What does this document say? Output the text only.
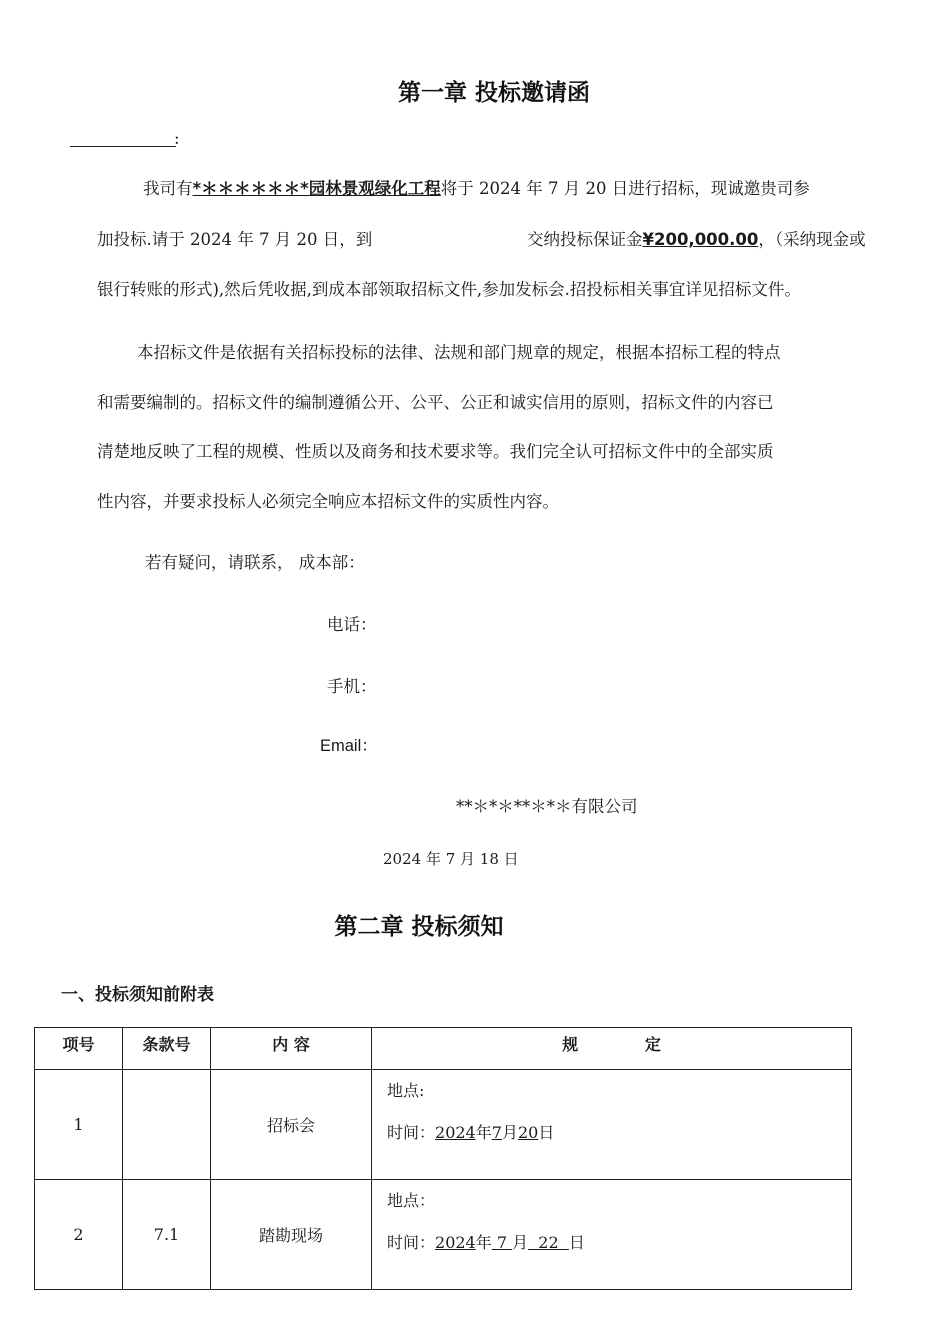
第一章 投标邀请函
:
我司有*＊＊＊＊＊＊*园林景观绿化工程将于 2024 年 7 月 20 日进行招标，现诚邀贵司参
加投标.请于 2024 年 7 月 20 日，到	交纳投标保证金¥200,000.00，（采纳现金或
银行转账的形式),然后凭收据,到成本部领取招标文件,参加发标会.招投标相关事宜详见招标文件。
本招标文件是依据有关招标投标的法律、法规和部门规章的规定，根据本招标工程的特点
和需要编制的。招标文件的编制遵循公开、公平、公正和诚实信用的原则，招标文件的内容已
清楚地反映了工程的规模、性质以及商务和技术要求等。我们完全认可招标文件中的全部实质
性内容，并要求投标人必须完全响应本招标文件的实质性内容。
若有疑问，请联系， 成本部：
电话：
手机：
Email：
**＊*＊**＊*＊有限公司
2024 年 7 月 18 日
第二章 投标须知
一、投标须知前附表
项号	条款号	内 容	规            定
1		招标会	地点:
时间：2024年7月20日

2	7.1	踏勘现场	地点：
时间：2024年 7 月  22  日
